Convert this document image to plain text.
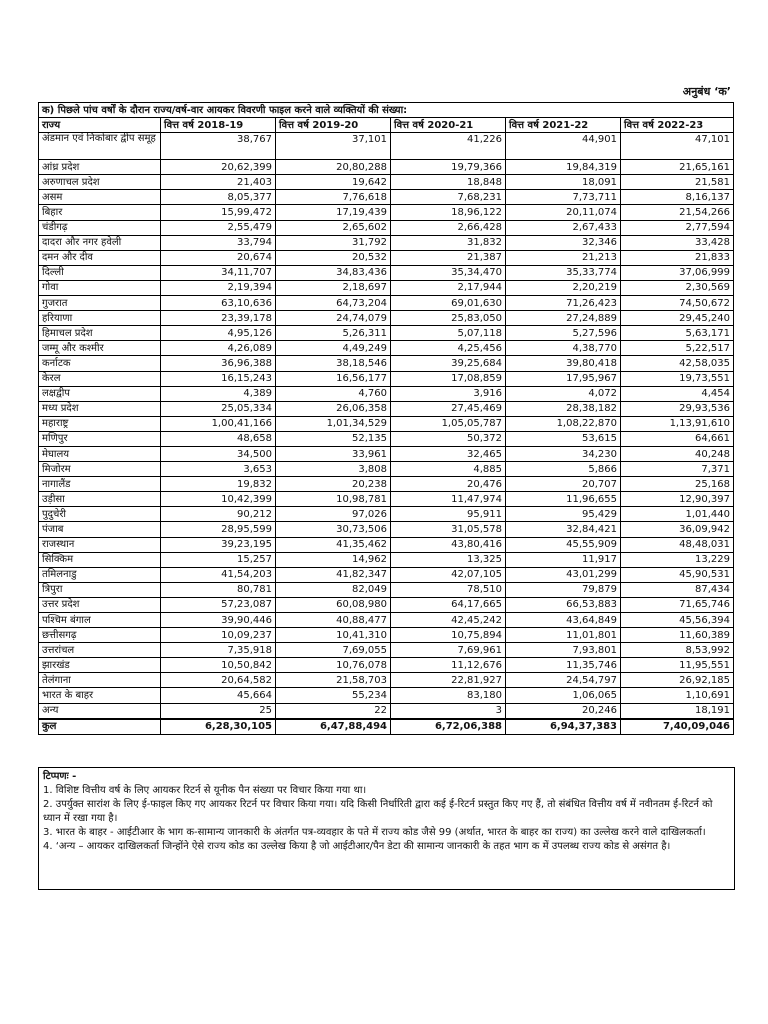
अनुबंध ‘क’
क) पिछले पांच वर्षों के दौरान राज्य/वर्ष-वार आयकर विवरणी फाइल करने वाले व्यक्तियों की संख्या:					
राज्य	वित्त वर्ष 2018-19	वित्त वर्ष 2019-20	वित्त वर्ष 2020-21	वित्त वर्ष 2021-22	वित्त वर्ष 2022-23
अंडमान एवं निकोबार द्वीप समूह	38,767	37,101	41,226	44,901	47,101
आंध्र प्रदेश	20,62,399	20,80,288	19,79,366	19,84,319	21,65,161
अरुणाचल प्रदेश	21,403	19,642	18,848	18,091	21,581
असम	8,05,377	7,76,618	7,68,231	7,73,711	8,16,137
बिहार	15,99,472	17,19,439	18,96,122	20,11,074	21,54,266
चंडीगढ़	2,55,479	2,65,602	2,66,428	2,67,433	2,77,594
दादरा और नगर हवेली	33,794	31,792	31,832	32,346	33,428
दमन और दीव	20,674	20,532	21,387	21,213	21,833
दिल्ली	34,11,707	34,83,436	35,34,470	35,33,774	37,06,999
गोवा	2,19,394	2,18,697	2,17,944	2,20,219	2,30,569
गुजरात	63,10,636	64,73,204	69,01,630	71,26,423	74,50,672
हरियाणा	23,39,178	24,74,079	25,83,050	27,24,889	29,45,240
हिमाचल प्रदेश	4,95,126	5,26,311	5,07,118	5,27,596	5,63,171
जम्मू और कश्मीर	4,26,089	4,49,249	4,25,456	4,38,770	5,22,517
कर्नाटक	36,96,388	38,18,546	39,25,684	39,80,418	42,58,035
केरल	16,15,243	16,56,177	17,08,859	17,95,967	19,73,551
लक्षद्वीप	4,389	4,760	3,916	4,072	4,454
मध्य प्रदेश	25,05,334	26,06,358	27,45,469	28,38,182	29,93,536
महाराष्ट्र	1,00,41,166	1,01,34,529	1,05,05,787	1,08,22,870	1,13,91,610
मणिपुर	48,658	52,135	50,372	53,615	64,661
मेघालय	34,500	33,961	32,465	34,230	40,248
मिजोरम	3,653	3,808	4,885	5,866	7,371
नागालैंड	19,832	20,238	20,476	20,707	25,168
उड़ीसा	10,42,399	10,98,781	11,47,974	11,96,655	12,90,397
पुदुचेरी	90,212	97,026	95,911	95,429	1,01,440
पंजाब	28,95,599	30,73,506	31,05,578	32,84,421	36,09,942
राजस्थान	39,23,195	41,35,462	43,80,416	45,55,909	48,48,031
सिक्किम	15,257	14,962	13,325	11,917	13,229
तमिलनाडु	41,54,203	41,82,347	42,07,105	43,01,299	45,90,531
त्रिपुरा	80,781	82,049	78,510	79,879	87,434
उत्तर प्रदेश	57,23,087	60,08,980	64,17,665	66,53,883	71,65,746
पश्चिम बंगाल	39,90,446	40,88,477	42,45,242	43,64,849	45,56,394
छत्तीसगढ़	10,09,237	10,41,310	10,75,894	11,01,801	11,60,389
उत्तरांचल	7,35,918	7,69,055	7,69,961	7,93,801	8,53,992
झारखंड	10,50,842	10,76,078	11,12,676	11,35,746	11,95,551
तेलंगाना	20,64,582	21,58,703	22,81,927	24,54,797	26,92,185
भारत के बाहर	45,664	55,234	83,180	1,06,065	1,10,691
अन्य	25	22	3	20,246	18,191
कुल	6,28,30,105	6,47,88,494	6,72,06,388	6,94,37,383	7,40,09,046

टिप्पणः -

1. विशिष्ट वित्तीय वर्ष के लिए आयकर रिटर्न से यूनीक पैन संख्या पर विचार किया गया था।

2. उपर्युक्त सारांश के लिए ई-फाइल किए गए आयकर रिटर्न पर विचार किया गया। यदि किसी निर्धारिती द्वारा कई ई-रिटर्न प्रस्तुत किए गए हैं, तो संबंधित वित्तीय वर्ष में नवीनतम ई-रिटर्न को ध्यान में रखा गया है।

3. भारत के बाहर - आईटीआर के भाग क-सामान्य जानकारी के अंतर्गत पत्र-व्यवहार के पते में राज्य कोड जैसे 99 (अर्थात, भारत के बाहर का राज्य) का उल्लेख करने वाले दाखिलकर्ता।

4. ‘अन्य – आयकर दाखिलकर्ता जिन्होंने ऐसे राज्य कोड का उल्लेख किया है जो आईटीआर/पैन डेटा की सामान्य जानकारी के तहत भाग क में उपलब्ध राज्य कोड से असंगत है।
